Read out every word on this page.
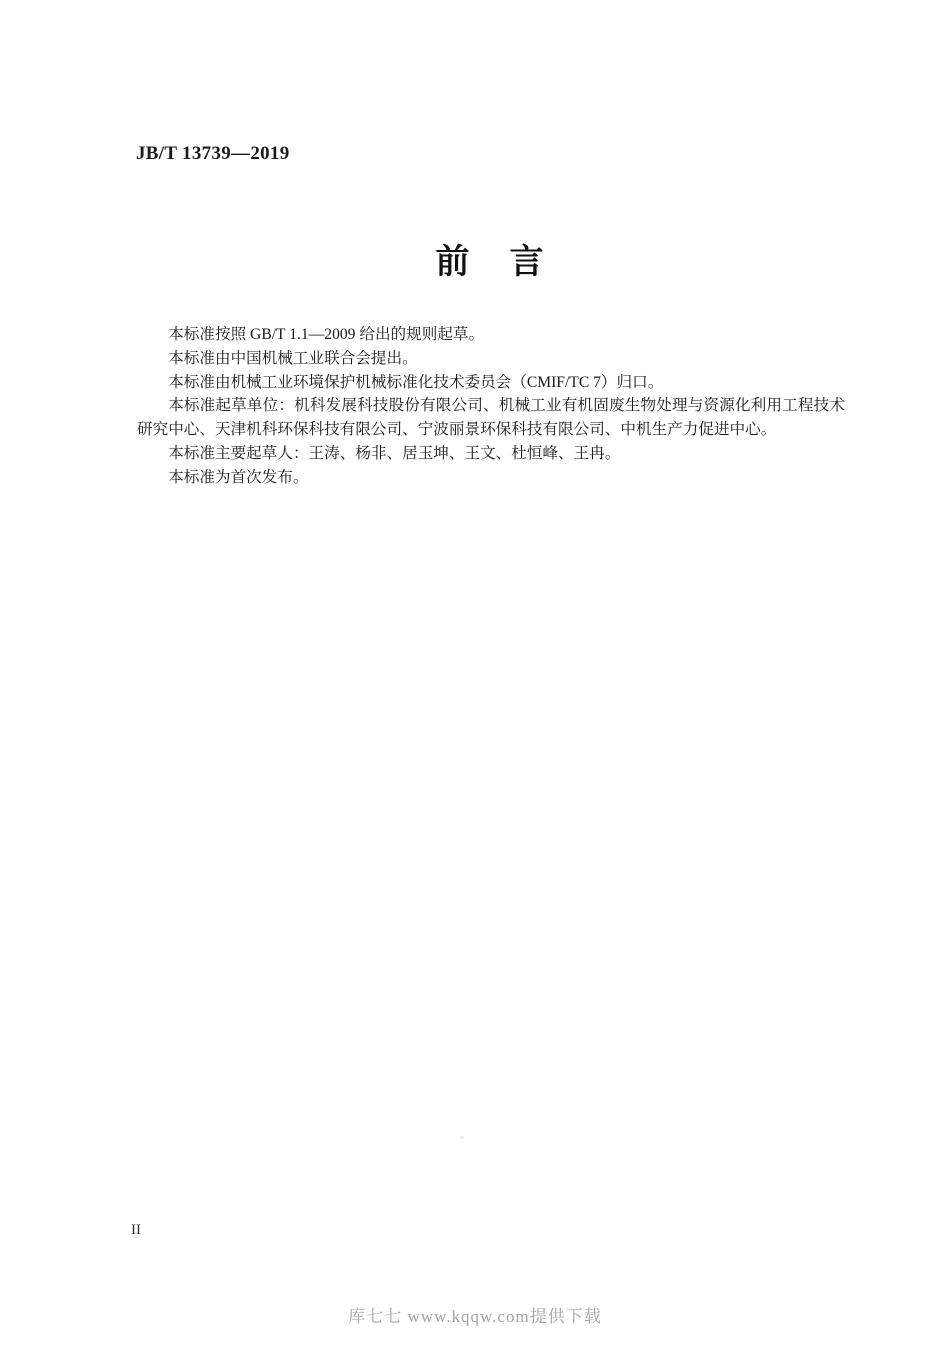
JB/T 13739—2019
前　言

本标准按照 GB/T 1.1—2009 给出的规则起草。

本标准由中国机械工业联合会提出。

本标准由机械工业环境保护机械标准化技术委员会（CMIF/TC 7）归口。

本标准起草单位：机科发展科技股份有限公司、机械工业有机固废生物处理与资源化利用工程技术研究中心、天津机科环保科技有限公司、宁波丽景环保科技有限公司、中机生产力促进中心。

本标准主要起草人：王涛、杨非、居玉坤、王文、杜恒峰、王冉。

本标准为首次发布。

II
库七七 www.kqqw.com提供下载
